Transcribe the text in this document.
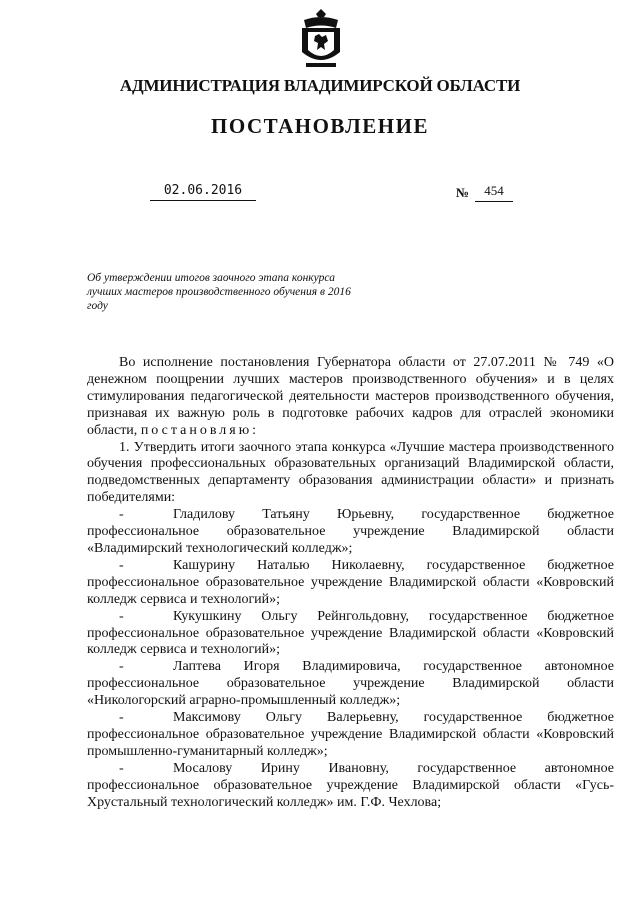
АДМИНИСТРАЦИЯ ВЛАДИМИРСКОЙ ОБЛАСТИ
ПОСТАНОВЛЕНИЕ
02.06.2016	№	454
Об утверждении итогов заочного этапа конкурса лучших мастеров производственного обучения в 2016 году

Во исполнение постановления Губернатора области от 27.07.2011 № 749 «О денежном поощрении лучших мастеров производственного обучения» и в целях стимулирования педагогической деятельности мастеров производственного обучения, признавая их важную роль в подготовке рабочих кадров для отраслей экономики области, постановляю:

1. Утвердить итоги заочного этапа конкурса «Лучшие мастера производственного обучения профессиональных образовательных организаций Владимирской области, подведомственных департаменту образования администрации области» и признать победителями:

-	Гладилову Татьяну Юрьевну, государственное бюджетное профессиональное образовательное учреждение Владимирской области «Владимирский технологический колледж»;

-	Кашурину Наталью Николаевну, государственное бюджетное профессиональное образовательное учреждение Владимирской области «Ковровский колледж сервиса и технологий»;

-	Кукушкину Ольгу Рейнгольдовну, государственное бюджетное профессиональное образовательное учреждение Владимирской области «Ковровский колледж сервиса и технологий»;

-	Лаптева Игоря Владимировича, государственное автономное профессиональное образовательное учреждение Владимирской области «Никологорский аграрно-промышленный колледж»;

-	Максимову Ольгу Валерьевну, государственное бюджетное профессиональное образовательное учреждение Владимирской области «Ковровский промышленно-гуманитарный колледж»;

-	Мосалову Ирину Ивановну, государственное автономное профессиональное образовательное учреждение Владимирской области «Гусь-Хрустальный технологический колледж» им. Г.Ф. Чехлова;
